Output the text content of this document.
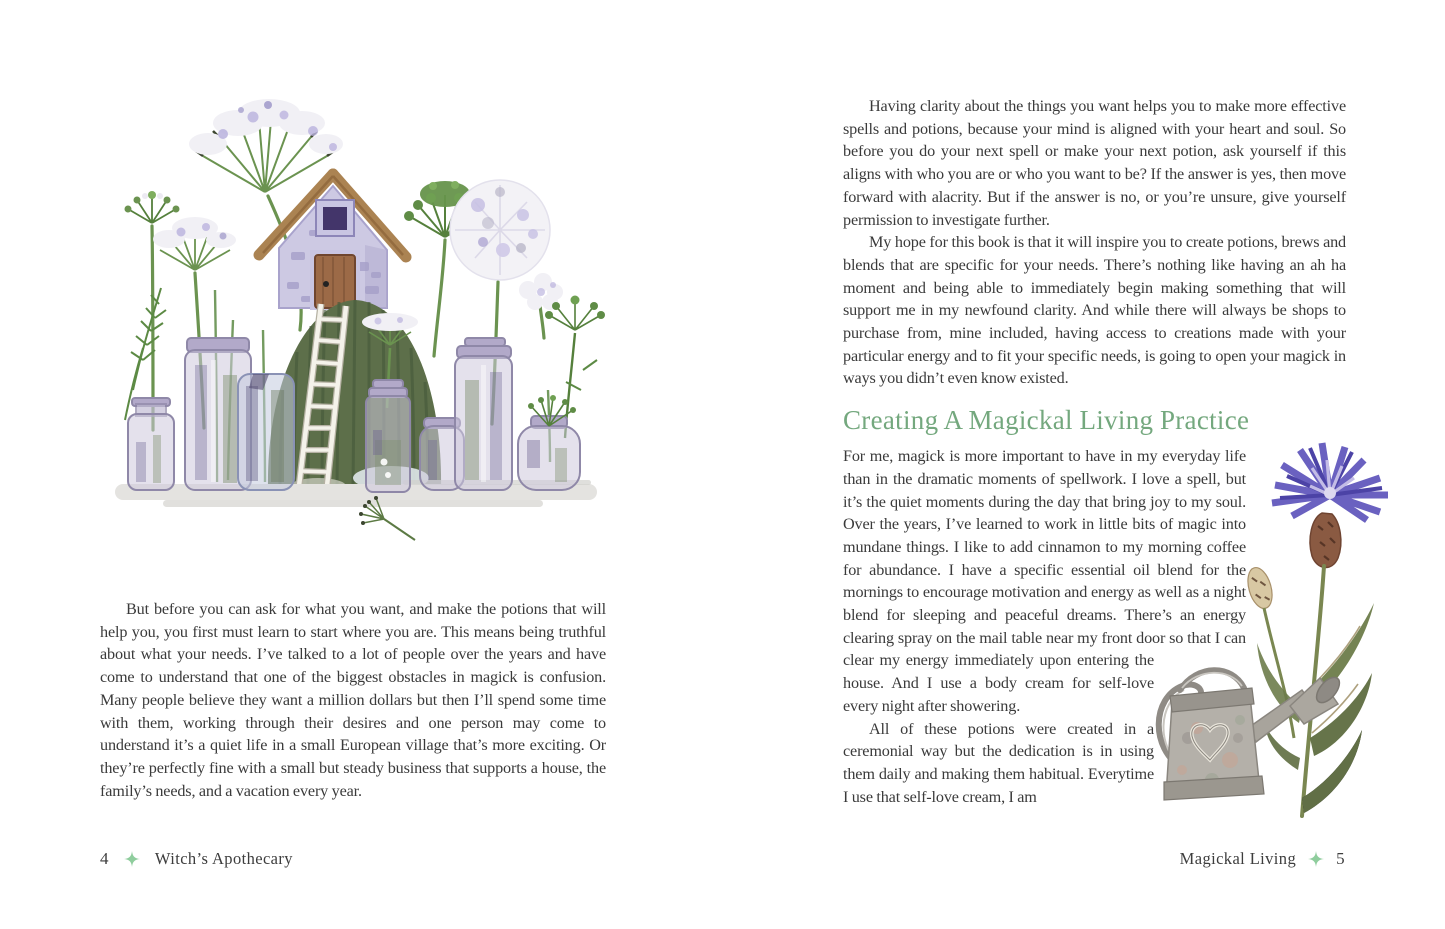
But before you can ask for what you want, and make the potions that will help you, you first must learn to start where you are. This means being truthful about what your needs. I’ve talked to a lot of people over the years and have come to understand that one of the biggest obstacles in magick is confusion. Many people believe they want a million dollars but then I’ll spend some time with them, working through their desires and one person may come to understand it’s a quiet life in a small European village that’s more exciting. Or they’re perfectly fine with a small but steady business that supports a house, the family’s needs, and a vacation every year.

4	Witch’s Apothecary

Having clarity about the things you want helps you to make more effective spells and potions, because your mind is aligned with your heart and soul. So before you do your next spell or make your next potion, ask yourself if this aligns with who you are or who you want to be? If the answer is yes, then move forward with alacrity. But if the answer is no, or you’re unsure, give yourself permission to investigate further.

My hope for this book is that it will inspire you to create potions, brews and blends that are specific for your needs. There’s nothing like having an ah ha moment and being able to immediately begin making something that will support me in my newfound clarity. And while there will always be shops to purchase from, mine included, having access to creations made with your particular energy and to fit your specific needs, is going to open your magick in ways you didn’t even know existed.

Creating A Magickal Living Practice

For me, magick is more important to have in my everyday life than in the dramatic moments of spellwork. I love a spell, but it’s the quiet moments during the day that bring joy to my soul. Over the years, I’ve learned to work in little bits of magic into mundane things. I like to add cinnamon to my morning coffee for abundance. I have a specific essential oil blend for the mornings to encourage motivation and energy as well as a night blend for sleeping and peaceful dreams. There’s an energy clearing spray on the mail table near my front door so that I can clear my energy immediately upon entering the house. And I use a body cream for self-love every night after showering.

All of these potions were created in a ceremonial way but the dedication is in using them daily and making them habitual. Everytime I use that self-love cream, I am

Magickal Living 5
